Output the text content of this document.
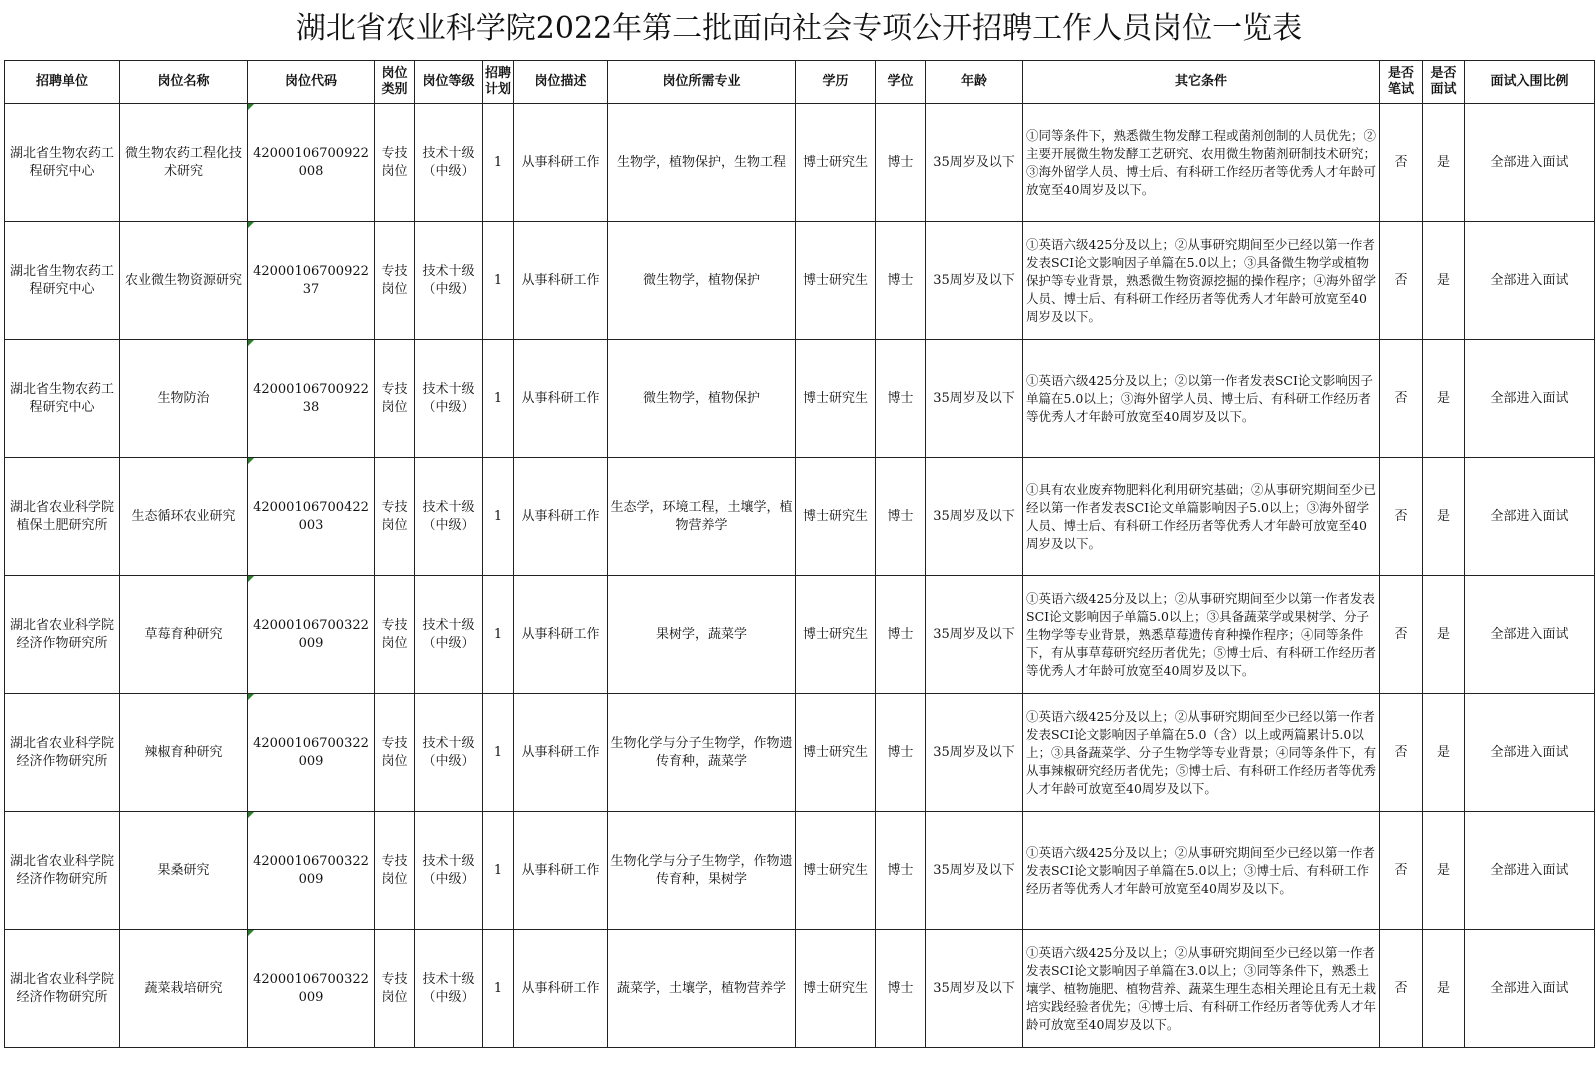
湖北省农业科学院2022年第二批面向社会专项公开招聘工作人员岗位一览表
招聘单位	岗位名称	岗位代码	岗位类别	岗位等级	招聘计划	岗位描述	岗位所需专业	学历	学位	年龄	其它条件	是否笔试	是否面试	面试入围比例
湖北省生物农药工程研究中心	微生物农药工程化技术研究	42000106700922008	专技岗位	技术十级（中级）	1	从事科研工作	生物学，植物保护，生物工程	博士研究生	博士	35周岁及以下	①同等条件下，熟悉微生物发酵工程或菌剂创制的人员优先；②主要开展微生物发酵工艺研究、农用微生物菌剂研制技术研究；③海外留学人员、博士后、有科研工作经历者等优秀人才年龄可放宽至40周岁及以下。	否	是	全部进入面试
湖北省生物农药工程研究中心	农业微生物资源研究	4200010670092237	专技岗位	技术十级（中级）	1	从事科研工作	微生物学，植物保护	博士研究生	博士	35周岁及以下	①英语六级425分及以上；②从事研究期间至少已经以第一作者发表SCI论文影响因子单篇在5.0以上；③具备微生物学或植物保护等专业背景，熟悉微生物资源挖掘的操作程序；④海外留学人员、博士后、有科研工作经历者等优秀人才年龄可放宽至40周岁及以下。	否	是	全部进入面试
湖北省生物农药工程研究中心	生物防治	4200010670092238	专技岗位	技术十级（中级）	1	从事科研工作	微生物学，植物保护	博士研究生	博士	35周岁及以下	①英语六级425分及以上；②以第一作者发表SCI论文影响因子单篇在5.0以上；③海外留学人员、博士后、有科研工作经历者等优秀人才年龄可放宽至40周岁及以下。	否	是	全部进入面试
湖北省农业科学院植保土肥研究所	生态循环农业研究	42000106700422003	专技岗位	技术十级（中级）	1	从事科研工作	生态学，环境工程，土壤学，植物营养学	博士研究生	博士	35周岁及以下	①具有农业废弃物肥料化利用研究基础；②从事研究期间至少已经以第一作者发表SCI论文单篇影响因子5.0以上；③海外留学人员、博士后、有科研工作经历者等优秀人才年龄可放宽至40周岁及以下。	否	是	全部进入面试
湖北省农业科学院经济作物研究所	草莓育种研究	42000106700322009	专技岗位	技术十级（中级）	1	从事科研工作	果树学，蔬菜学	博士研究生	博士	35周岁及以下	①英语六级425分及以上；②从事研究期间至少以第一作者发表SCI论文影响因子单篇5.0以上；③具备蔬菜学或果树学、分子生物学等专业背景，熟悉草莓遗传育种操作程序；④同等条件下，有从事草莓研究经历者优先；⑤博士后、有科研工作经历者等优秀人才年龄可放宽至40周岁及以下。	否	是	全部进入面试
湖北省农业科学院经济作物研究所	辣椒育种研究	42000106700322009	专技岗位	技术十级（中级）	1	从事科研工作	生物化学与分子生物学，作物遗传育种，蔬菜学	博士研究生	博士	35周岁及以下	①英语六级425分及以上；②从事研究期间至少已经以第一作者发表SCI论文影响因子单篇在5.0（含）以上或两篇累计5.0以上；③具备蔬菜学、分子生物学等专业背景；④同等条件下，有从事辣椒研究经历者优先；⑤博士后、有科研工作经历者等优秀人才年龄可放宽至40周岁及以下。	否	是	全部进入面试
湖北省农业科学院经济作物研究所	果桑研究	42000106700322009	专技岗位	技术十级（中级）	1	从事科研工作	生物化学与分子生物学，作物遗传育种，果树学	博士研究生	博士	35周岁及以下	①英语六级425分及以上；②从事研究期间至少已经以第一作者发表SCI论文影响因子单篇在5.0以上；③博士后、有科研工作经历者等优秀人才年龄可放宽至40周岁及以下。	否	是	全部进入面试
湖北省农业科学院经济作物研究所	蔬菜栽培研究	42000106700322009	专技岗位	技术十级（中级）	1	从事科研工作	蔬菜学，土壤学，植物营养学	博士研究生	博士	35周岁及以下	①英语六级425分及以上；②从事研究期间至少已经以第一作者发表SCI论文影响因子单篇在3.0以上；③同等条件下，熟悉土壤学、植物施肥、植物营养、蔬菜生理生态相关理论且有无土栽培实践经验者优先；④博士后、有科研工作经历者等优秀人才年龄可放宽至40周岁及以下。	否	是	全部进入面试
